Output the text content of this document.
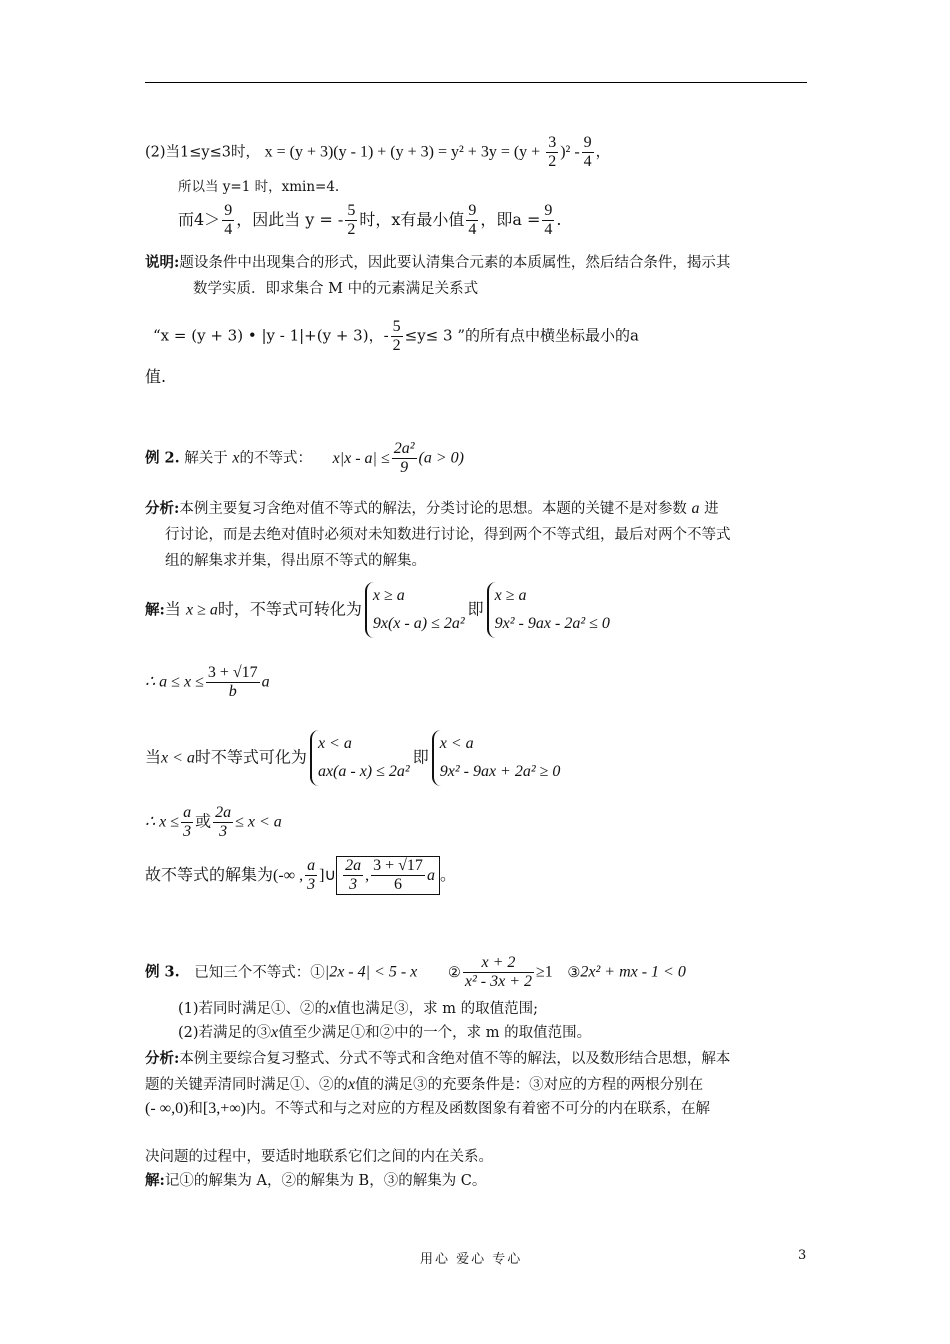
(2)当1≤y≤3时， $x = (y + 3)(y - 1) + (y + 3) = y^2 + 3y = (y + \frac{3}{2} )^2 - \frac{9}{4}$ ，
所以当 y=1 时，xmin=4.
而$4> \frac{9}{4}$ ，因此当 y = - $\frac{5}{2}$ 时，x有最小值 $\frac{9}{4}$ ，即$a = \frac{9}{4}$ .
说明:题设条件中出现集合的形式，因此要认清集合元素的本质属性，然后结合条件，揭示其
数学实质．即求集合 M 中的元素满足关系式
“x = (y + 3) • |y - 1|+(y + 3)，- $\frac{5}{2} \le y\le 3$ ”的所有点中横坐标最小的a
值.
例 2. 解关于 x的不等式： $x|x - a| \le \frac{\text{2a²}}{9} (a > 0)$
分析:本例主要复习含绝对值不等式的解法，分类讨论的思想。本题的关键不是对参数 a 进
行讨论，而是去绝对值时必须对未知数进行讨论，得到两个不等式组，最后对两个不等式
组的解集求并集，得出原不等式的解集。
解:当 x ≥ a时，不等式可转化为
x ≥ a
9x(x - a) ≤ 2a²
即
x ≥ a
9x² - 9ax - 2a² ≤ 0
∴ $a \le x \le \frac{3 + √17}{b}$ a
当x < a时不等式可化为
x < a
ax(a - x) ≤ 2a²
即
x < a
9x² - 9ax + 2a² ≥ 0
∴ $x \le \frac{a}{3}$ 或 $\frac{2a}{3} \le x < a$
故不等式的解集为(-∞ , $\frac{a}{3}$ ]∪ $\frac{2a}{3}$ , $\frac{3 + √17}{6}$ a 。
例 3. 已知三个不等式：①|2x - 4| < 5 - x ② $\frac{x + 2}{\text{x² - 3x + 2}} \ge 1$ ③2x² + mx - 1 < 0
(1)若同时满足①、②的x值也满足③，求 m 的取值范围;
(2)若满足的③x值至少满足①和②中的一个，求 m 的取值范围。
分析:本例主要综合复习整式、分式不等式和含绝对值不等的解法，以及数形结合思想，解本
题的关键弄清同时满足①、②的x值的满足③的充要条件是：③对应的方程的两根分别在
(- ∞,0)和[3,+∞)内。不等式和与之对应的方程及函数图象有着密不可分的内在联系，在解
决问题的过程中，要适时地联系它们之间的内在关系。
解:记①的解集为 A，②的解集为 B，③的解集为 C。
用心 爱心 专心	3
